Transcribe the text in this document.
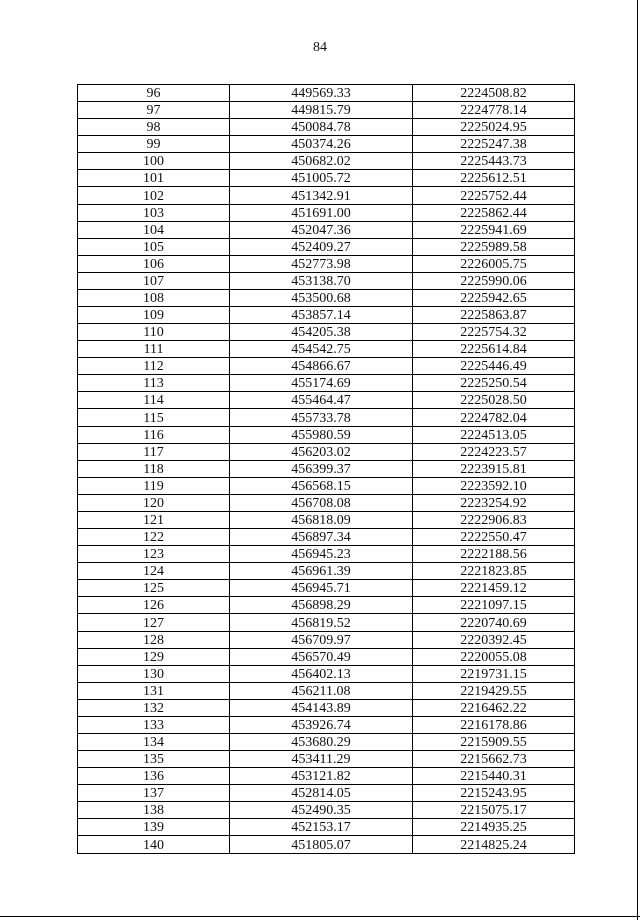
84
96	449569.33	2224508.82
97	449815.79	2224778.14
98	450084.78	2225024.95
99	450374.26	2225247.38
100	450682.02	2225443.73
101	451005.72	2225612.51
102	451342.91	2225752.44
103	451691.00	2225862.44
104	452047.36	2225941.69
105	452409.27	2225989.58
106	452773.98	2226005.75
107	453138.70	2225990.06
108	453500.68	2225942.65
109	453857.14	2225863.87
110	454205.38	2225754.32
111	454542.75	2225614.84
112	454866.67	2225446.49
113	455174.69	2225250.54
114	455464.47	2225028.50
115	455733.78	2224782.04
116	455980.59	2224513.05
117	456203.02	2224223.57
118	456399.37	2223915.81
119	456568.15	2223592.10
120	456708.08	2223254.92
121	456818.09	2222906.83
122	456897.34	2222550.47
123	456945.23	2222188.56
124	456961.39	2221823.85
125	456945.71	2221459.12
126	456898.29	2221097.15
127	456819.52	2220740.69
128	456709.97	2220392.45
129	456570.49	2220055.08
130	456402.13	2219731.15
131	456211.08	2219429.55
132	454143.89	2216462.22
133	453926.74	2216178.86
134	453680.29	2215909.55
135	453411.29	2215662.73
136	453121.82	2215440.31
137	452814.05	2215243.95
138	452490.35	2215075.17
139	452153.17	2214935.25
140	451805.07	2214825.24
